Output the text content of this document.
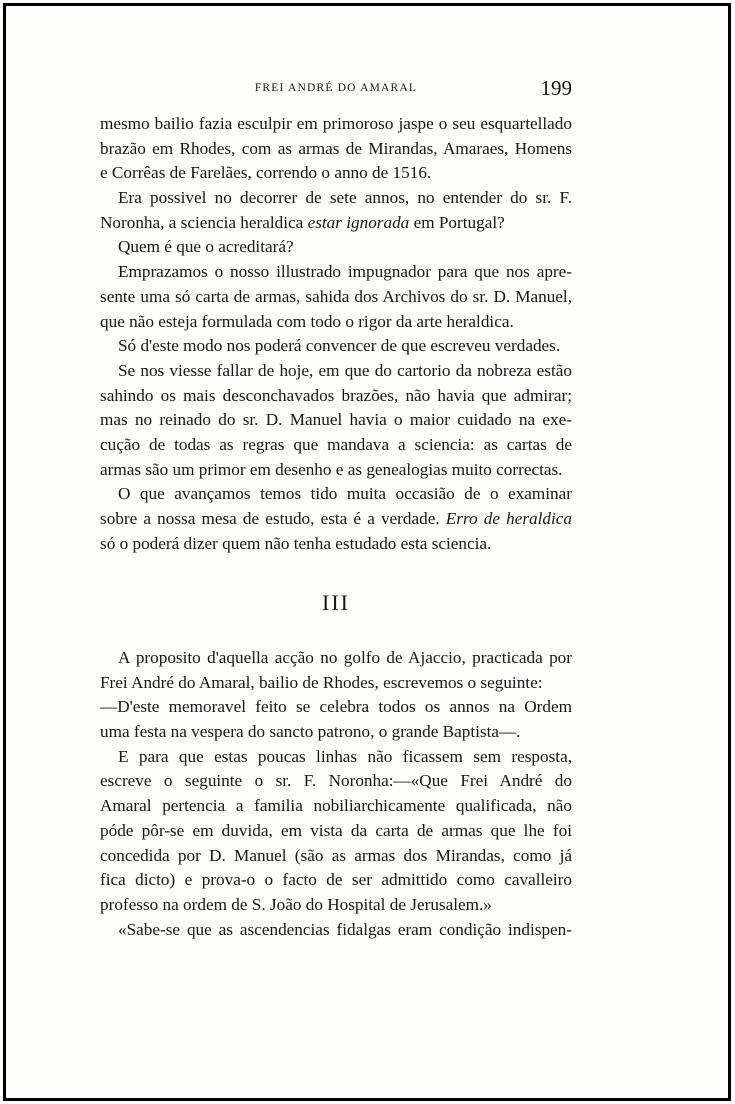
FREI ANDRÉ DO AMARAL	199
mesmo bailio fazia esculpir em primoroso jaspe o seu esquartellado
brazão em Rhodes, com as armas de Mirandas, Amaraes, Homens
e Corrêas de Farelães, correndo o anno de 1516.
Era possivel no decorrer de sete annos, no entender do sr. F.
Noronha, a sciencia heraldica estar ignorada em Portugal?
Quem é que o acreditará?
Emprazamos o nosso illustrado impugnador para que nos apre-
sente uma só carta de armas, sahida dos Archivos do sr. D. Manuel,
que não esteja formulada com todo o rigor da arte heraldica.
Só d'este modo nos poderá convencer de que escreveu verdades.
Se nos viesse fallar de hoje, em que do cartorio da nobreza estão
sahindo os mais desconchavados brazões, não havia que admirar;
mas no reinado do sr. D. Manuel havia o maior cuidado na exe-
cução de todas as regras que mandava a sciencia: as cartas de
armas são um primor em desenho e as genealogias muito correctas.
O que avançamos temos tido muita occasião de o examinar
sobre a nossa mesa de estudo, esta é a verdade. Erro de heraldica
só o poderá dizer quem não tenha estudado esta sciencia.
III
A proposito d'aquella acção no golfo de Ajaccio, practicada por
Frei André do Amaral, bailio de Rhodes, escrevemos o seguinte:
—D'este memoravel feito se celebra todos os annos na Ordem
uma festa na vespera do sancto patrono, o grande Baptista—.
E para que estas poucas linhas não ficassem sem resposta,
escreve o seguinte o sr. F. Noronha:—«Que Frei André do
Amaral pertencia a familia nobiliarchicamente qualificada, não
póde pôr-se em duvida, em vista da carta de armas que lhe foi
concedida por D. Manuel (são as armas dos Mirandas, como já
fica dicto) e prova-o o facto de ser admittido como cavalleiro
professo na ordem de S. João do Hospital de Jerusalem.»
«Sabe-se que as ascendencias fidalgas eram condição indispen-
